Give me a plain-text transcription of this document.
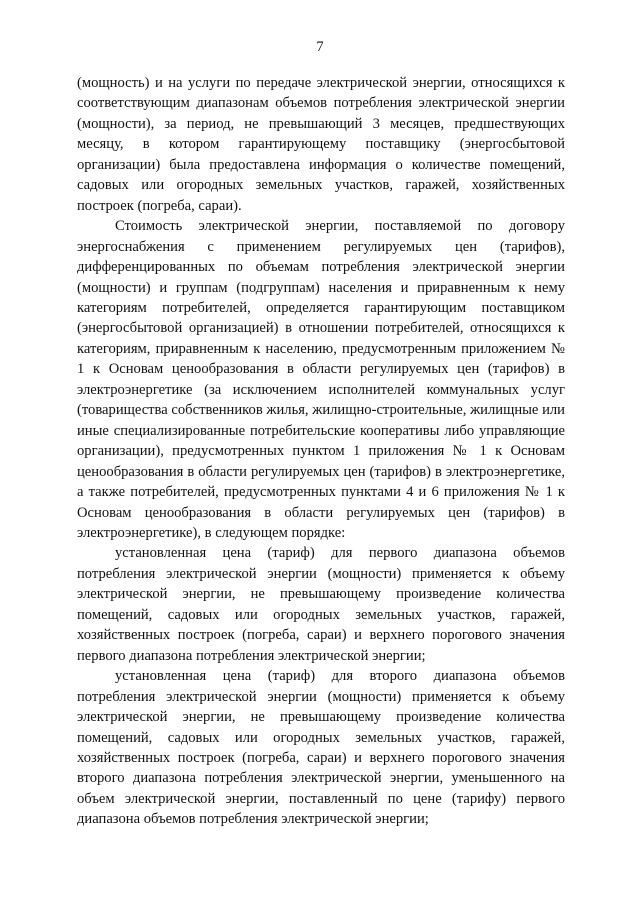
7

(мощность) и на услуги по передаче электрической энергии, относящихся к соответствующим диапазонам объемов потребления электрической энергии (мощности), за период, не превышающий 3 месяцев, предшествующих месяцу, в котором гарантирующему поставщику (энергосбытовой организации) была предоставлена информация о количестве помещений, садовых или огородных земельных участков, гаражей, хозяйственных построек (погреба, сараи).

Стоимость электрической энергии, поставляемой по договору энергоснабжения с применением регулируемых цен (тарифов), дифференцированных по объемам потребления электрической энергии (мощности) и группам (подгруппам) населения и приравненным к нему категориям потребителей, определяется гарантирующим поставщиком (энергосбытовой организацией) в отношении потребителей, относящихся к категориям, приравненным к населению, предусмотренным приложением № 1 к Основам ценообразования в области регулируемых цен (тарифов) в электроэнергетике (за исключением исполнителей коммунальных услуг (товарищества собственников жилья, жилищно-строительные, жилищные или иные специализированные потребительские кооперативы либо управляющие организации), предусмотренных пунктом 1 приложения № 1 к Основам ценообразования в области регулируемых цен (тарифов) в электроэнергетике, а также потребителей, предусмотренных пунктами 4 и 6 приложения № 1 к Основам ценообразования в области регулируемых цен (тарифов) в электроэнергетике), в следующем порядке:

установленная цена (тариф) для первого диапазона объемов потребления электрической энергии (мощности) применяется к объему электрической энергии, не превышающему произведение количества помещений, садовых или огородных земельных участков, гаражей, хозяйственных построек (погреба, сараи) и верхнего порогового значения первого диапазона потребления электрической энергии;

установленная цена (тариф) для второго диапазона объемов потребления электрической энергии (мощности) применяется к объему электрической энергии, не превышающему произведение количества помещений, садовых или огородных земельных участков, гаражей, хозяйственных построек (погреба, сараи) и верхнего порогового значения второго диапазона потребления электрической энергии, уменьшенного на объем электрической энергии, поставленный по цене (тарифу) первого диапазона объемов потребления электрической энергии;
